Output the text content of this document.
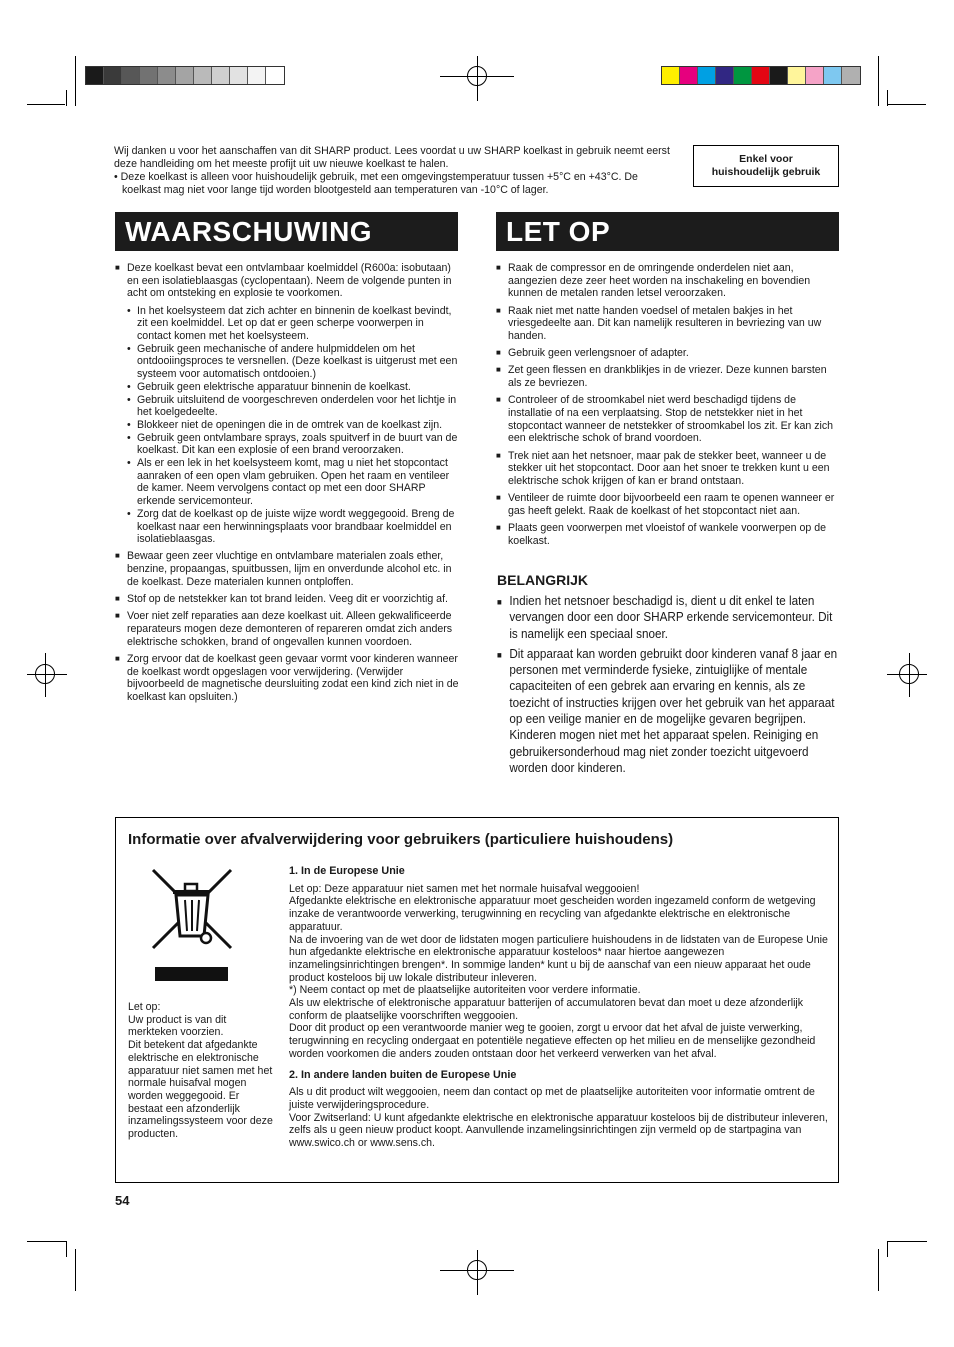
Wij danken u voor het aanschaffen van dit SHARP product. Lees voordat u uw SHARP koelkast in gebruik neemt eerst deze handleiding om het meeste profijt uit uw nieuwe koelkast te halen.

• Deze koelkast is alleen voor huishoudelijk gebruik, met een omgevingstemperatuur tussen +5°C en +43°C. De koelkast mag niet voor lange tijd worden blootgesteld aan temperaturen van -10°C of lager.

Enkel voor
huishoudelijk gebruik
WAARSCHUWING	LET OP
■ Deze koelkast bevat een ontvlambaar koelmiddel (R600a: isobutaan) en een isolatieblaasgas (cyclopentaan). Neem de volgende punten in acht om ontsteking en explosie te voorkomen.
• In het koelsysteem dat zich achter en binnenin de koelkast bevindt, zit een koelmiddel. Let op dat er geen scherpe voorwerpen in contact komen met het koelsysteem.
• Gebruik geen mechanische of andere hulpmiddelen om het ontdooiingsproces te versnellen. (Deze koelkast is uitgerust met een systeem voor automatisch ontdooien.)
• Gebruik geen elektrische apparatuur binnenin de koelkast.
• Gebruik uitsluitend de voorgeschreven onderdelen voor het lichtje in het koelgedeelte.
• Blokkeer niet de openingen die in de omtrek van de koelkast zijn.
• Gebruik geen ontvlambare sprays, zoals spuitverf in de buurt van de koelkast. Dit kan een explosie of een brand veroorzaken.
• Als er een lek in het koelsysteem komt, mag u niet het stopcontact aanraken of een open vlam gebruiken. Open het raam en ventileer de kamer. Neem vervolgens contact op met een door SHARP erkende servicemonteur.
• Zorg dat de koelkast op de juiste wijze wordt weggegooid. Breng de koelkast naar een herwinningsplaats voor brandbaar koelmiddel en isolatieblaasgas.
■ Bewaar geen zeer vluchtige en ontvlambare materialen zoals ether, benzine, propaangas, spuitbussen, lijm en onverdunde alcohol etc. in de koelkast. Deze materialen kunnen ontploffen.
■ Stof op de netstekker kan tot brand leiden. Veeg dit er voorzichtig af.
■ Voer niet zelf reparaties aan deze koelkast uit. Alleen gekwalificeerde reparateurs mogen deze demonteren of repareren omdat zich anders elektrische schokken, brand of ongevallen kunnen voordoen.
■ Zorg ervoor dat de koelkast geen gevaar vormt voor kinderen wanneer de koelkast wordt opgeslagen voor verwijdering. (Verwijder bijvoorbeeld de magnetische deursluiting zodat een kind zich niet in de koelkast kan opsluiten.)
■ Raak de compressor en de omringende onderdelen niet aan, aangezien deze zeer heet worden na inschakeling en bovendien kunnen de metalen randen letsel veroorzaken.
■ Raak niet met natte handen voedsel of metalen bakjes in het vriesgedeelte aan. Dit kan namelijk resulteren in bevriezing van uw handen.
■ Gebruik geen verlengsnoer of adapter.
■ Zet geen flessen en drankblikjes in de vriezer. Deze kunnen barsten als ze bevriezen.
■ Controleer of de stroomkabel niet werd beschadigd tijdens de installatie of na een verplaatsing. Stop de netstekker niet in het stopcontact wanneer de netstekker of stroomkabel los zit. Er kan zich een elektrische schok of brand voordoen.
■ Trek niet aan het netsnoer, maar pak de stekker beet, wanneer u de stekker uit het stopcontact. Door aan het snoer te trekken kunt u een elektrische schok krijgen of kan er brand ontstaan.
■ Ventileer de ruimte door bijvoorbeeld een raam te openen wanneer er gas heeft gelekt. Raak de koelkast of het stopcontact niet aan.
■ Plaats geen voorwerpen met vloeistof of wankele voorwerpen op de koelkast.
BELANGRIJK
■ Indien het netsnoer beschadigd is, dient u dit enkel te laten vervangen door een door SHARP erkende servicemonteur. Dit is namelijk een speciaal snoer.
■ Dit apparaat kan worden gebruikt door kinderen vanaf 8 jaar en personen met verminderde fysieke, zintuiglijke of mentale capaciteiten of een gebrek aan ervaring en kennis, als ze toezicht of instructies krijgen over het gebruik van het apparaat op een veilige manier en de mogelijke gevaren begrijpen. Kinderen mogen niet met het apparaat spelen. Reiniging en gebruikersonderhoud mag niet zonder toezicht uitgevoerd worden door kinderen.
Informatie over afvalverwijdering voor gebruikers (particuliere huishoudens)
Let op:
Uw product is van dit merkteken voorzien.
Dit betekent dat afgedankte elektrische en elektronische apparatuur niet samen met het normale huisafval mogen worden weggegooid. Er bestaat een afzonderlijk inzamelingssysteem voor deze producten.
1. In de Europese Unie

Let op: Deze apparatuur niet samen met het normale huisafval weggooien!
Afgedankte elektrische en elektronische apparatuur moet gescheiden worden ingezameld conform de wetgeving inzake de verantwoorde verwerking, terugwinning en recycling van afgedankte elektrische en elektronische apparatuur.
Na de invoering van de wet door de lidstaten mogen particuliere huishoudens in de lidstaten van de Europese Unie hun afgedankte elektrische en elektronische apparatuur kosteloos* naar hiertoe aangewezen inzamelingsinrichtingen brengen*. In sommige landen* kunt u bij de aanschaf van een nieuw apparaat het oude product kosteloos bij uw lokale distributeur inleveren.
*) Neem contact op met de plaatselijke autoriteiten voor verdere informatie.
Als uw elektrische of elektronische apparatuur batterijen of accumulatoren bevat dan moet u deze afzonderlijk conform de plaatselijke voorschriften weggooien.
Door dit product op een verantwoorde manier weg te gooien, zorgt u ervoor dat het afval de juiste verwerking, terugwinning en recycling ondergaat en potentiële negatieve effecten op het milieu en de menselijke gezondheid worden voorkomen die anders zouden ontstaan door het verkeerd verwerken van het afval.

2. In andere landen buiten de Europese Unie

Als u dit product wilt weggooien, neem dan contact op met de plaatselijke autoriteiten voor informatie omtrent de juiste verwijderingsprocedure.
Voor Zwitserland: U kunt afgedankte elektrische en elektronische apparatuur kosteloos bij de distributeur inleveren, zelfs als u geen nieuw product koopt. Aanvullende inzamelingsinrichtingen zijn vermeld op de startpagina van www.swico.ch or www.sens.ch.

54
